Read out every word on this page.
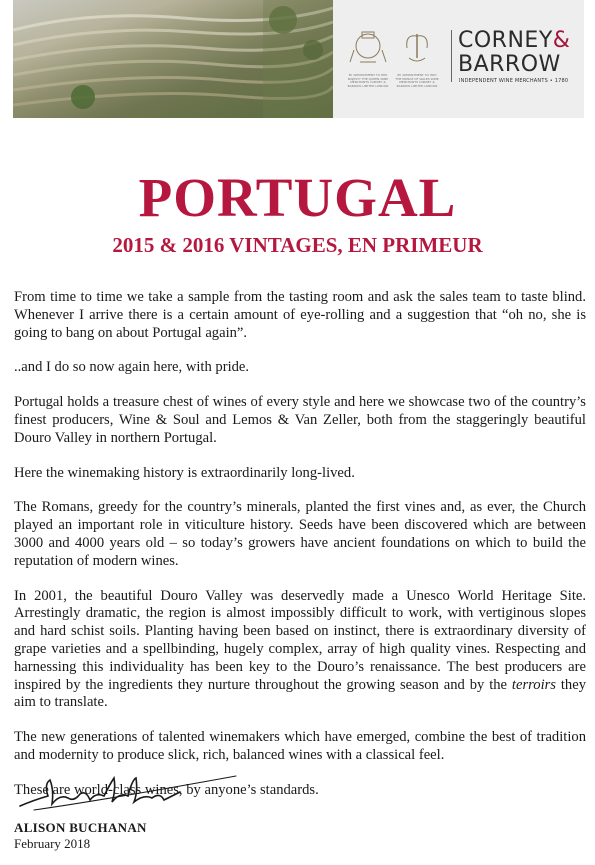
BY APPOINTMENT TO HER MAJESTY THE QUEEN WINE MERCHANTS CORNEY & BARROW LIMITED LONDON
BY APPOINTMENT TO HRH THE PRINCE OF WALES WINE MERCHANTS CORNEY & BARROW LIMITED LONDON
CORNEY&
BARROW
INDEPENDENT WINE MERCHANTS • 1780
PORTUGAL
2015 & 2016 VINTAGES, EN PRIMEUR

From time to time we take a sample from the tasting room and ask the sales team to taste blind. Whenever I arrive there is a certain amount of eye-rolling and a suggestion that “oh no, she is going to bang on about Portugal again”.

..and I do so now again here, with pride.

Portugal holds a treasure chest of wines of every style and here we showcase two of the country’s finest producers, Wine & Soul and Lemos & Van Zeller, both from the staggeringly beautiful Douro Valley in northern Portugal.

Here the winemaking history is extraordinarily long-lived.

The Romans, greedy for the country’s minerals, planted the first vines and, as ever, the Church played an important role in viticulture history. Seeds have been discovered which are between 3000 and 4000 years old – so today’s growers have ancient foundations on which to build the reputation of modern wines.

In 2001, the beautiful Douro Valley was deservedly made a Unesco World Heritage Site. Arrestingly dramatic, the region is almost impossibly difficult to work, with vertiginous slopes and hard schist soils. Planting having been based on instinct, there is extraordinary diversity of grape varieties and a spellbinding, hugely complex, array of high quality vines. Respecting and harnessing this individuality has been key to the Douro’s renaissance. The best producers are inspired by the ingredients they nurture throughout the growing season and by the terroirs they aim to translate.

The new generations of talented winemakers which have emerged, combine the best of tradition and modernity to produce slick, rich, balanced wines with a classical feel.

These are world-class wines, by anyone’s standards.

ALISON BUCHANAN
February 2018
